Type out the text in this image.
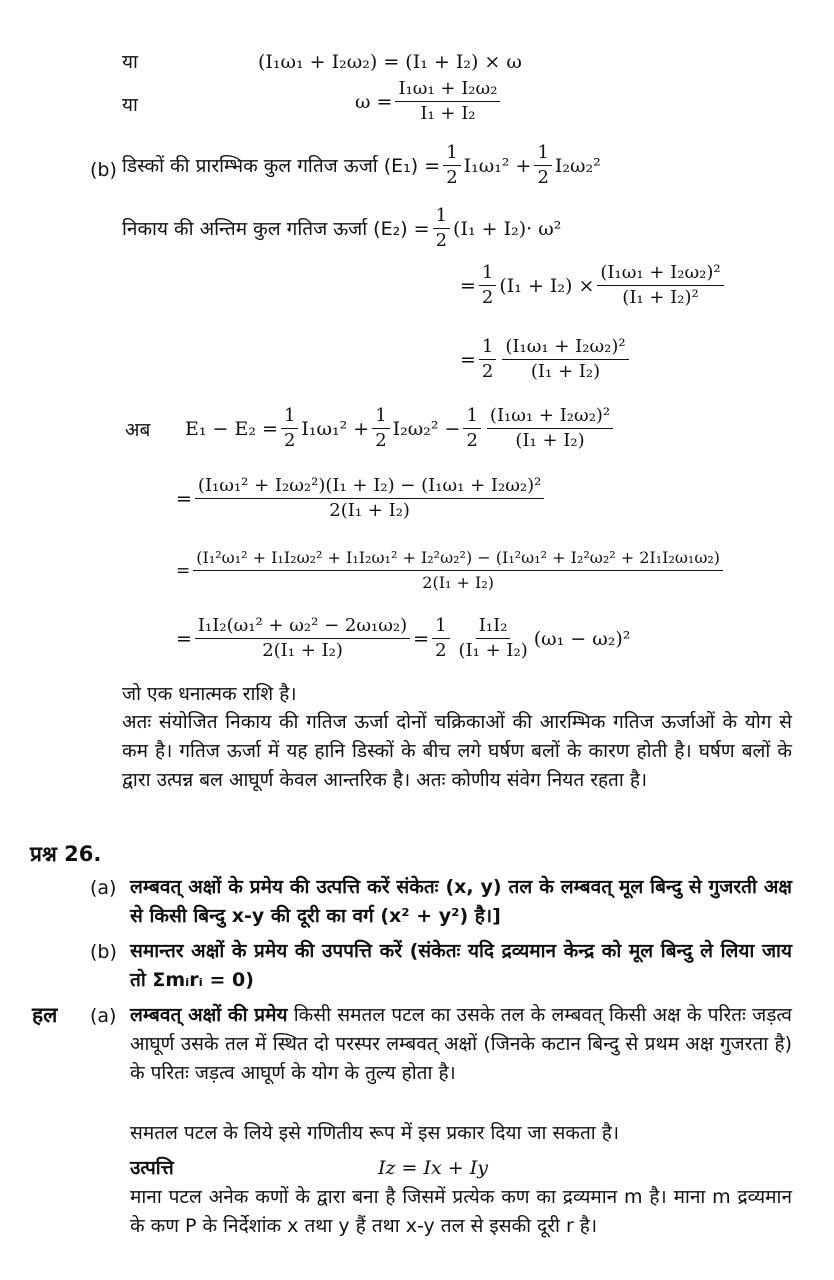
या	(I₁ω₁ + I₂ω₂) = (I₁ + I₂) × ω
या	$\omega = \frac{\text{I₁ω₁ + I₂ω₂}}{\text{I₁ + I₂}}$
(b) डिस्कों की प्रारम्भिक कुल गतिज ऊर्जा $(E_1) = \frac{1}{2} I_1\omega_1^2 + \frac{1}{2} I_2\omega_2^2$
निकाय की अन्तिम कुल गतिज ऊर्जा $(E_2) = \frac{1}{2} (I_1 + I_2)\cdot \omega^2$
= $\frac{1}{2} (I_1 + I_2) \times \frac{\text{(I₁ω₁ + I₂ω₂)²}}{\text{(I₁ + I₂)²}}$
= $\frac{1}{2} \frac{\text{(I₁ω₁ + I₂ω₂)²}}{\text{(I₁ + I₂)}}$
अब $E_1 - E_2 = \frac{1}{2} I_1\omega_1^2 + \frac{1}{2} I_2\omega_2^2 - \frac{1}{2} \frac{\text{(I₁ω₁ + I₂ω₂)²}}{\text{(I₁ + I₂)}}$
= $\frac{\text{(I₁ω₁² + I₂ω₂²)(I₁ + I₂) − (I₁ω₁ + I₂ω₂)²}}{\text{2(I₁ + I₂)}}$
=
(I₁²ω₁² + I₁I₂ω₂² + I₁I₂ω₁² + I₂²ω₂²) − (I₁²ω₁² + I₂²ω₂² + 2I₁I₂ω₁ω₂)
2(I₁ + I₂)
= $\frac{\text{I₁I₂(ω₁² + ω₂² − 2ω₁ω₂)}}{\text{2(I₁ + I₂)}} = \frac{1}{2} \frac{\text{I₁I₂}}{\text{(I₁ + I₂)}} (\omega_1 - \omega_2)^2$
जो एक धनात्मक राशि है।
अतः संयोजित निकाय की गतिज ऊर्जा दोनों चक्रिकाओं की आरम्भिक गतिज ऊर्जाओं के योग से कम है। गतिज ऊर्जा में यह हानि डिस्कों के बीच लगे घर्षण बलों के कारण होती है। घर्षण बलों के द्वारा उत्पन्न बल आघूर्ण केवल आन्तरिक है। अतः कोणीय संवेग नियत रहता है।
प्रश्न 26.
(a) लम्बवत् अक्षों के प्रमेय की उत्पत्ति करें संकेतः (x, y) तल के लम्बवत् मूल बिन्दु से गुजरती अक्ष से किसी बिन्दु x-y की दूरी का वर्ग (x² + y²) है।]
(b) समान्तर अक्षों के प्रमेय की उपपत्ति करें (संकेतः यदि द्रव्यमान केन्द्र को मूल बिन्दु ले लिया जाय तो Σmᵢrᵢ = 0)
हल (a) लम्बवत् अक्षों की प्रमेय किसी समतल पटल का उसके तल के लम्बवत् किसी अक्ष के परितः जड़त्व आघूर्ण उसके तल में स्थित दो परस्पर लम्बवत् अक्षों (जिनके कटान बिन्दु से प्रथम अक्ष गुजरता है) के परितः जड़त्व आघूर्ण के योग के तुल्य होता है।
समतल पटल के लिये इसे गणितीय रूप में इस प्रकार दिया जा सकता है।
उत्पत्ति	Iz = Ix + Iy
माना पटल अनेक कणों के द्वारा बना है जिसमें प्रत्येक कण का द्रव्यमान m है। माना m द्रव्यमान के कण P के निर्देशांक x तथा y हैं तथा x-y तल से इसकी दूरी r है।
